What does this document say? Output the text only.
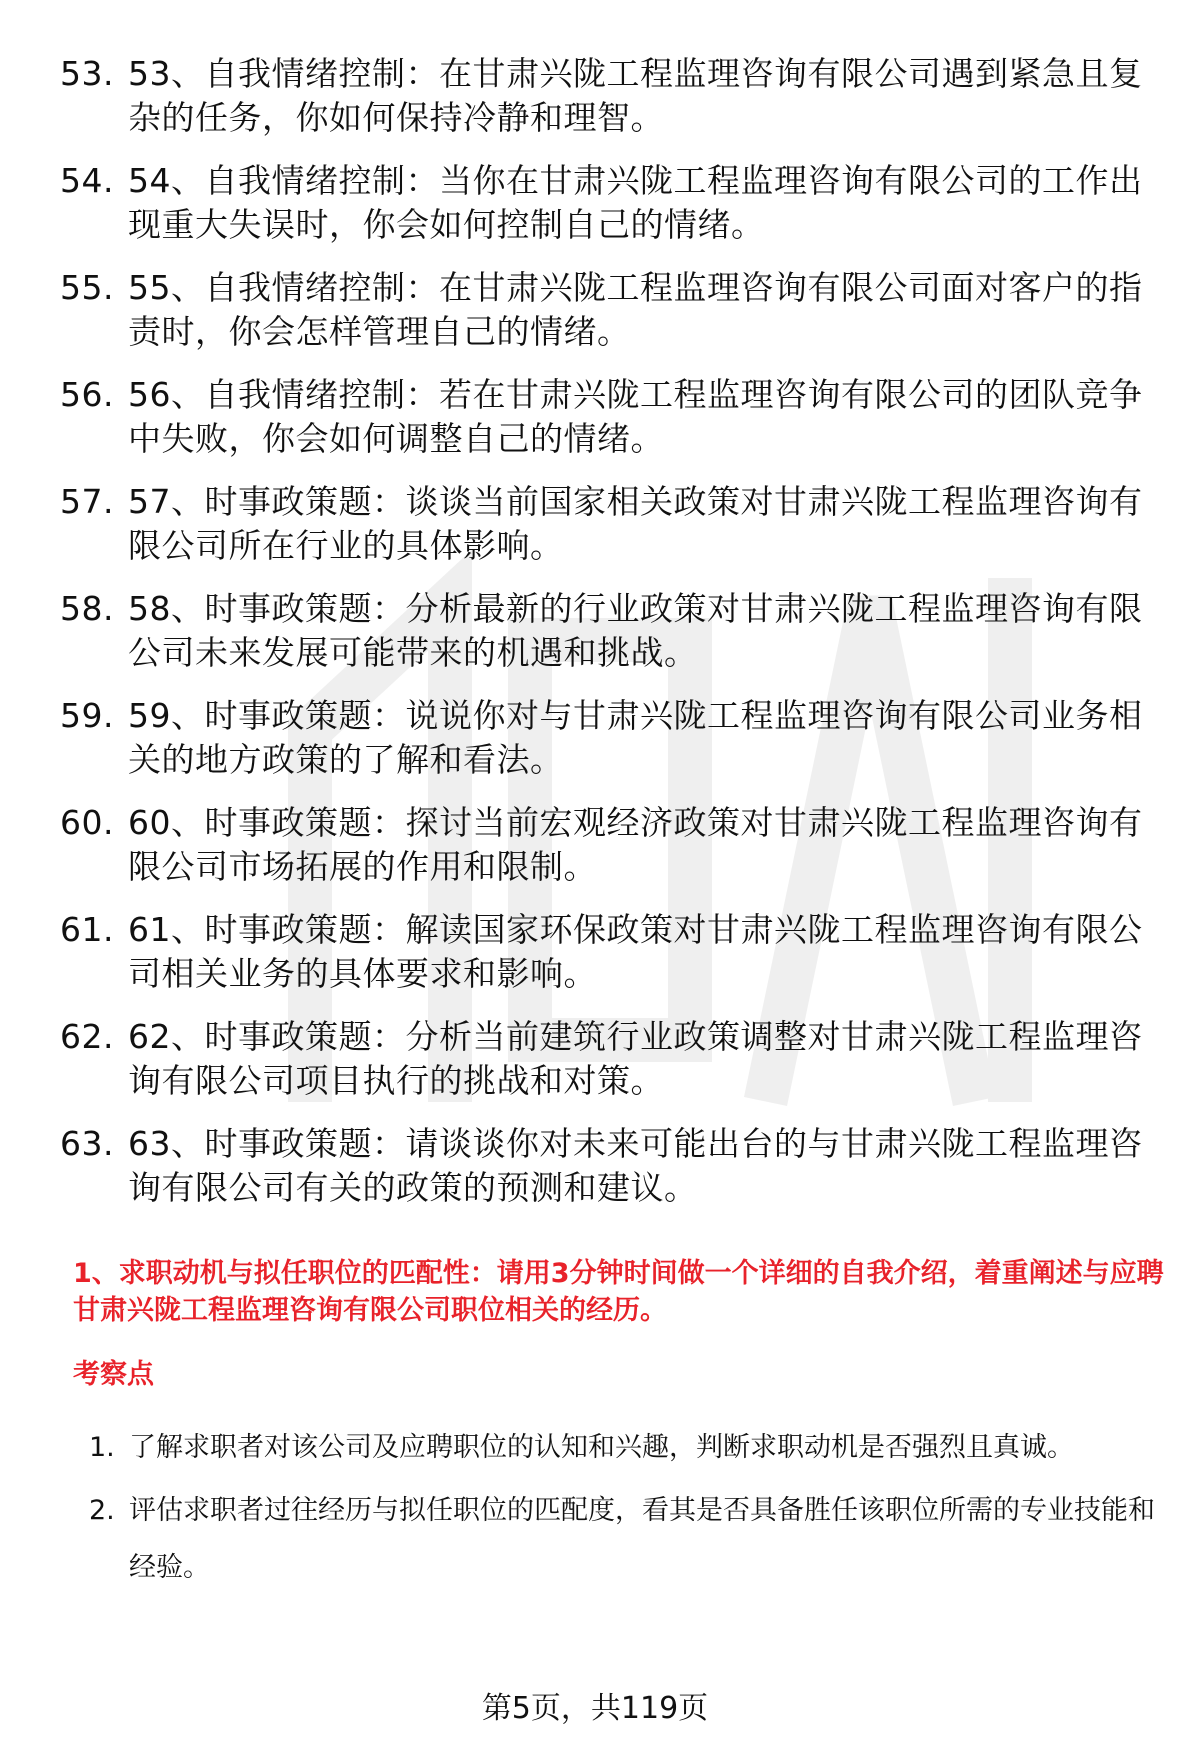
53. 53、自我情绪控制：在甘肃兴陇工程监理咨询有限公司遇到紧急且复杂的任务，你如何保持冷静和理智。
54. 54、自我情绪控制：当你在甘肃兴陇工程监理咨询有限公司的工作出现重大失误时，你会如何控制自己的情绪。
55. 55、自我情绪控制：在甘肃兴陇工程监理咨询有限公司面对客户的指责时，你会怎样管理自己的情绪。
56. 56、自我情绪控制：若在甘肃兴陇工程监理咨询有限公司的团队竞争中失败，你会如何调整自己的情绪。
57. 57、时事政策题：谈谈当前国家相关政策对甘肃兴陇工程监理咨询有限公司所在行业的具体影响。
58. 58、时事政策题：分析最新的行业政策对甘肃兴陇工程监理咨询有限公司未来发展可能带来的机遇和挑战。
59. 59、时事政策题：说说你对与甘肃兴陇工程监理咨询有限公司业务相关的地方政策的了解和看法。
60. 60、时事政策题：探讨当前宏观经济政策对甘肃兴陇工程监理咨询有限公司市场拓展的作用和限制。
61. 61、时事政策题：解读国家环保政策对甘肃兴陇工程监理咨询有限公司相关业务的具体要求和影响。
62. 62、时事政策题：分析当前建筑行业政策调整对甘肃兴陇工程监理咨询有限公司项目执行的挑战和对策。
63. 63、时事政策题：请谈谈你对未来可能出台的与甘肃兴陇工程监理咨询有限公司有关的政策的预测和建议。

1、求职动机与拟任职位的匹配性：请用3分钟时间做一个详细的自我介绍，着重阐述与应聘甘肃兴陇工程监理咨询有限公司职位相关的经历。

考察点

1. 了解求职者对该公司及应聘职位的认知和兴趣，判断求职动机是否强烈且真诚。
2. 评估求职者过往经历与拟任职位的匹配度，看其是否具备胜任该职位所需的专业技能和经验。
第5页，共119页
